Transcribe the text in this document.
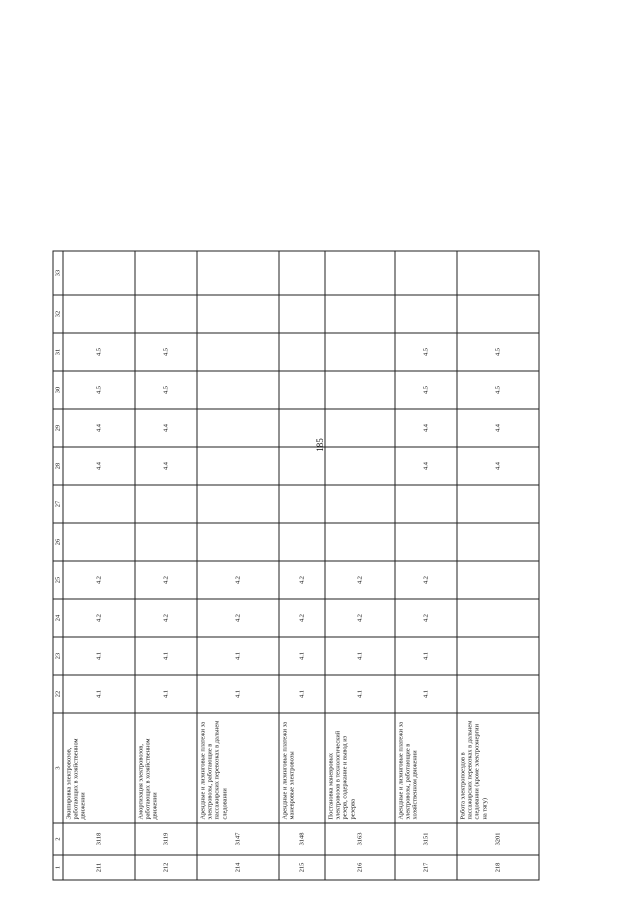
185
1	2	3	22	23	24	25	26	27	28	29	30	31	32	33
211	3118	Экипировка электровозов, работающих в хозяйственном движении	4.1	4.1	4.2	4.2			4.4	4.4	4.5	4.5		
212	3119	Амортизация электровозов, работающих в хозяйственном движении	4.1	4.1	4.2	4.2			4.4	4.4	4.5	4.5		
214	3147	Арендные и лизинговые платежи за электровозы, работающие в пассажирских перевозках в дальнем следовании	4.1	4.1	4.2	4.2								
215	3148	Арендные и лизинговые платежи за маневровые электровозы	4.1	4.1	4.2	4.2								
216	3163	Постановка маневровых электровозов в технологический резерв, содержание и вывод из резерва	4.1	4.1	4.2	4.2								
217	3151	Арендные и лизинговые платежи за электровозы, работающие в хозяйственном движении	4.1	4.1	4.2	4.2			4.4	4.4	4.5	4.5		
218	3201	Работа электропоездов в пассажирских перевозках в дальнем следовании (кроме электроэнергии на тягу)							4.4	4.4	4.5	4.5		
